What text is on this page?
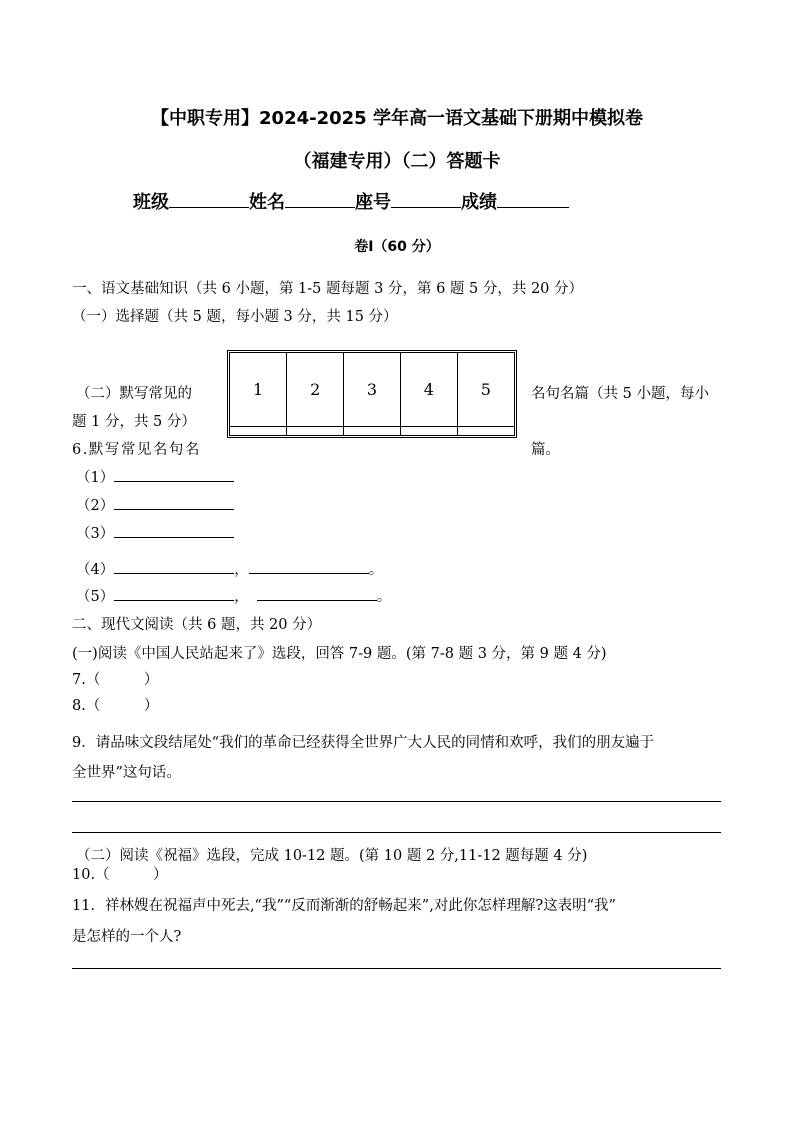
【中职专用】2024-2025 学年高一语文基础下册期中模拟卷
（福建专用）（二）答题卡
班级	姓名	座号	成绩
卷Ⅰ（60 分）
一、语文基础知识（共 6 小题，第 1-5 题每题 3 分，第 6 题 5 分，共 20 分）
（一）选择题（共 5 题，每小题 3 分，共 15 分）
1	2	3	4	5

（二）默写常见的	名句名篇（共 5 小题，每小
题 1 分，共 5 分）
6.默写常见名句名	篇。
（1）
（2）
（3）
（4）	，	。
（5）	，	。
二、现代文阅读（共 6 题，共 20 分）
(一)阅读《中国人民站起来了》选段，回答 7-9 题。(第 7-8 题 3 分，第 9 题 4 分)
7.（　　　）
8.（　　　）
9．请品味文段结尾处“我们的革命已经获得全世界广大人民的同情和欢呼，我们的朋友遍于
全世界”这句话。
（二）阅读《祝福》选段，完成 10-12 题。(第 10 题 2 分,11-12 题每题 4 分)
10.（　　　）
11．祥林嫂在祝福声中死去,“我”“反而渐渐的舒畅起来”,对此你怎样理解?这表明“我”
是怎样的一个人?
